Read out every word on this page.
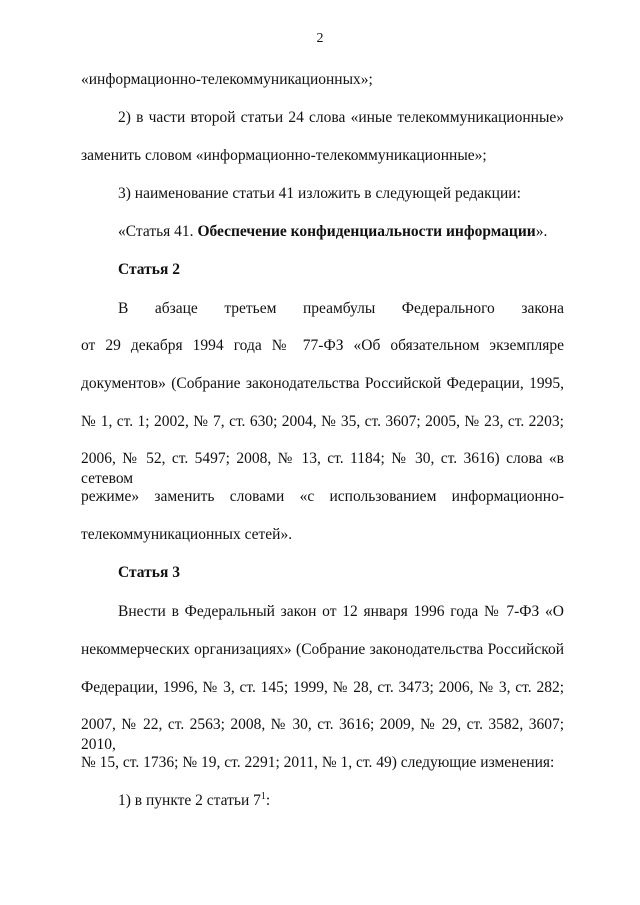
2
«информационно-телекоммуникационных»;
2) в части второй статьи 24 слова «иные телекоммуникационные»
заменить словом «информационно-телекоммуникационные»;
3) наименование статьи 41 изложить в следующей редакции:
«Статья 41. Обеспечение конфиденциальности информации».
Статья 2
В абзаце третьем преамбулы Федерального закона
от 29 декабря 1994 года № 77-ФЗ «Об обязательном экземпляре
документов» (Собрание законодательства Российской Федерации, 1995,
№ 1, ст. 1; 2002, № 7, ст. 630; 2004, № 35, ст. 3607; 2005, № 23, ст. 2203;
2006, № 52, ст. 5497; 2008, № 13, ст. 1184; № 30, ст. 3616) слова «в сетевом
режиме» заменить словами «с использованием информационно-
телекоммуникационных сетей».
Статья 3
Внести в Федеральный закон от 12 января 1996 года № 7-ФЗ «О
некоммерческих организациях» (Собрание законодательства Российской
Федерации, 1996, № 3, ст. 145; 1999, № 28, ст. 3473; 2006, № 3, ст. 282;
2007, № 22, ст. 2563; 2008, № 30, ст. 3616; 2009, № 29, ст. 3582, 3607; 2010,
№ 15, ст. 1736; № 19, ст. 2291; 2011, № 1, ст. 49) следующие изменения:
1) в пункте 2 статьи $7^1$:
